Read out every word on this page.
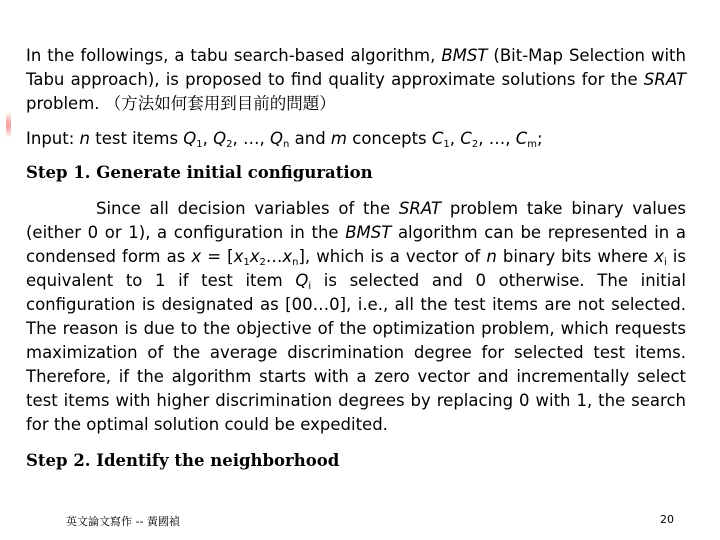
In the followings, a tabu search-based algorithm, BMST (Bit-Map Selection with Tabu approach), is proposed to find quality approximate solutions for the SRAT problem. （方法如何套用到目前的問題）

Input: n test items $Q_1$, $Q_2$, …, $Q_n$ and m concepts $C_1$, $C_2$, …, $C_m$;

Step 1. Generate initial configuration

Since all decision variables of the SRAT problem take binary values (either 0 or 1), a configuration in the BMST algorithm can be represented in a condensed form as $x = [x_1x_2\dots x_n]$, which is a vector of n binary bits where $x_i$ is equivalent to 1 if test item $Q_i$ is selected and 0 otherwise. The initial configuration is designated as [00…0], i.e., all the test items are not selected. The reason is due to the objective of the optimization problem, which requests maximization of the average discrimination degree for selected test items. Therefore, if the algorithm starts with a zero vector and incrementally select test items with higher discrimination degrees by replacing 0 with 1, the search for the optimal solution could be expedited.

Step 2. Identify the neighborhood
英文論文寫作 -- 黃國禎	20
